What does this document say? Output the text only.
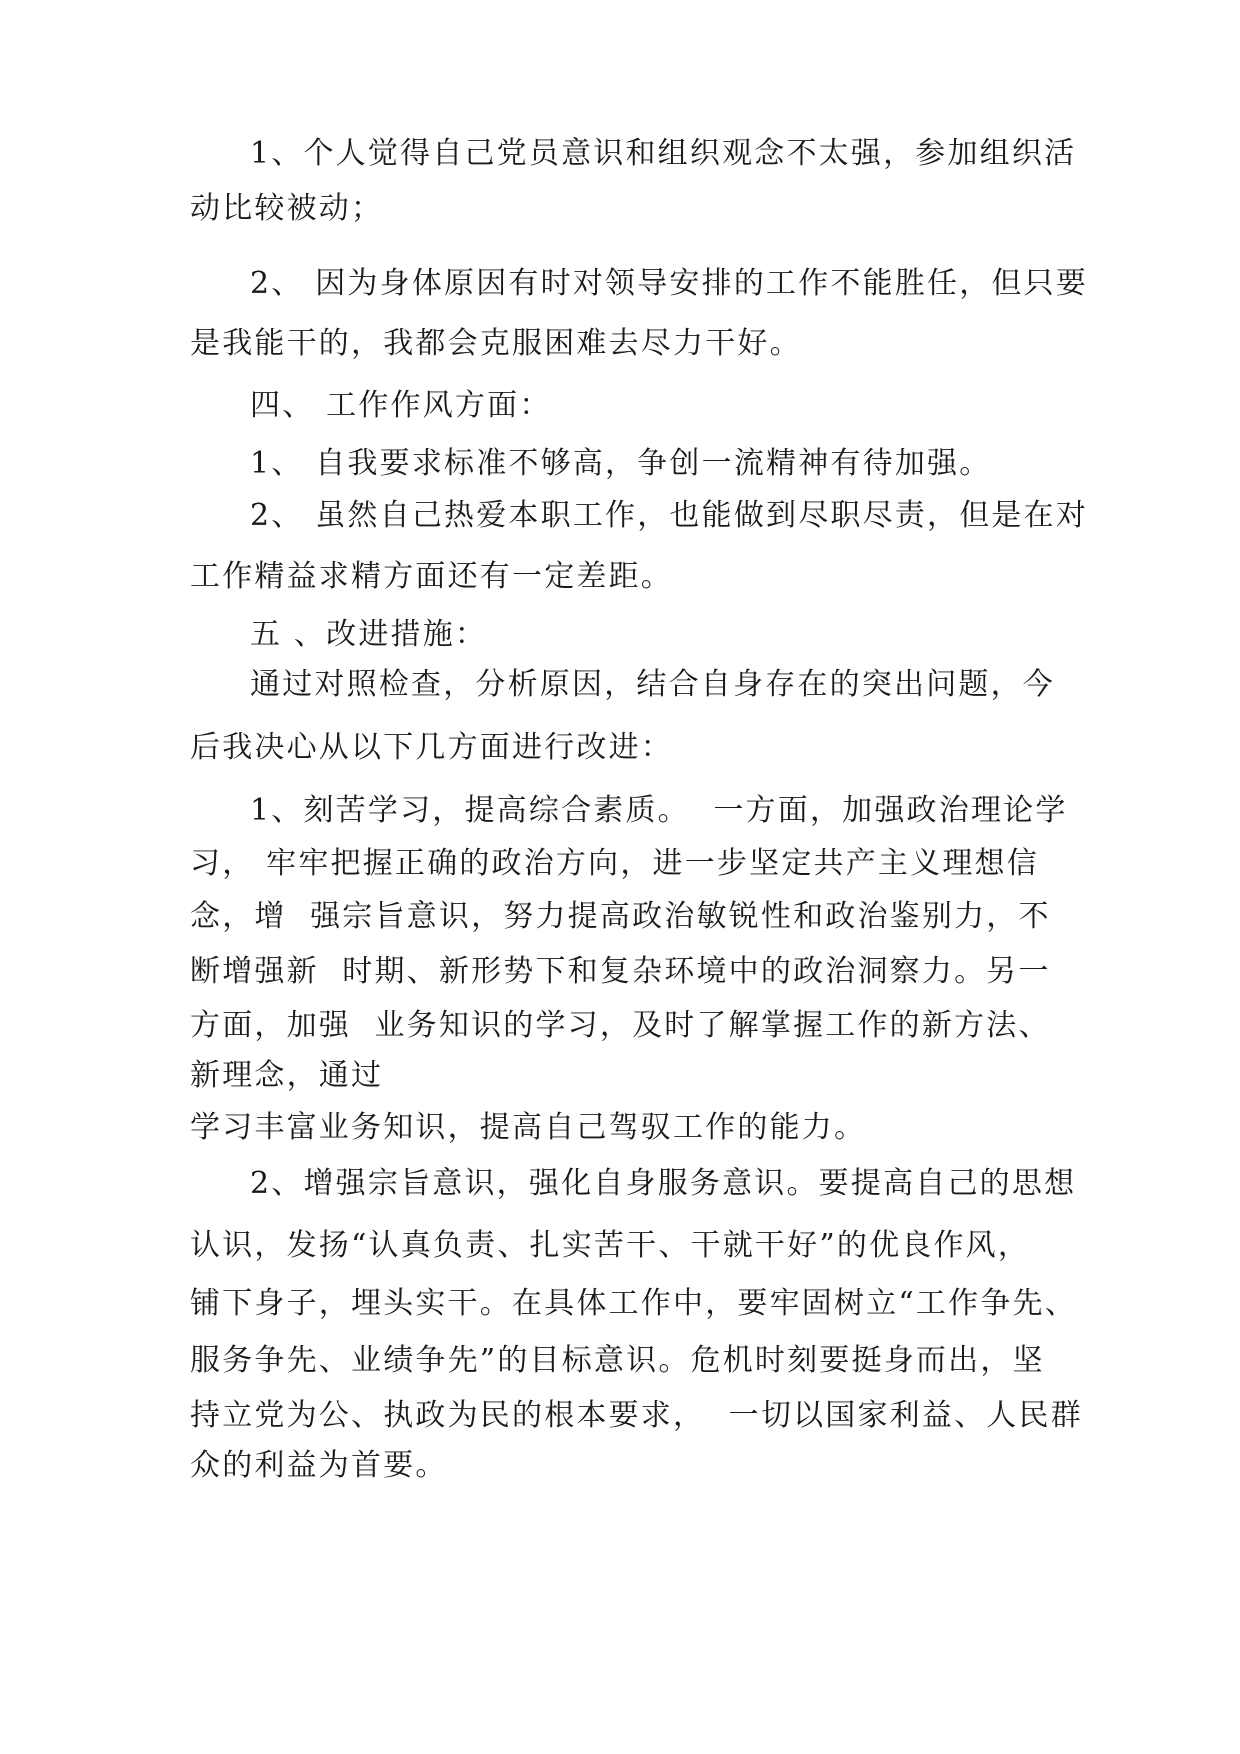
1、个人觉得自己党员意识和组织观念不太强，参加组织活
动比较被动；
2、 因为身体原因有时对领导安排的工作不能胜任，但只要
是我能干的，我都会克服困难去尽力干好。
四、 工作作风方面：
1、 自我要求标准不够高，争创一流精神有待加强。
2、 虽然自己热爱本职工作，也能做到尽职尽责，但是在对
工作精益求精方面还有一定差距。
五 、改进措施：
通过对照检查，分析原因，结合自身存在的突出问题，今
后我决心从以下几方面进行改进：
1、刻苦学习，提高综合素质。  一方面，加强政治理论学
习， 牢牢把握正确的政治方向，进一步坚定共产主义理想信
念，增  强宗旨意识，努力提高政治敏锐性和政治鉴别力，不
断增强新  时期、新形势下和复杂环境中的政治洞察力。另一
方面，加强  业务知识的学习，及时了解掌握工作的新方法、
新理念，通过
学习丰富业务知识，提高自己驾驭工作的能力。
2、增强宗旨意识，强化自身服务意识。要提高自己的思想
认识，发扬“认真负责、扎实苦干、干就干好”的优良作风，
铺下身子，埋头实干。在具体工作中，要牢固树立“工作争先、
服务争先、业绩争先”的目标意识。危机时刻要挺身而出，坚
持立党为公、执政为民的根本要求，  一切以国家利益、人民群
众的利益为首要。
